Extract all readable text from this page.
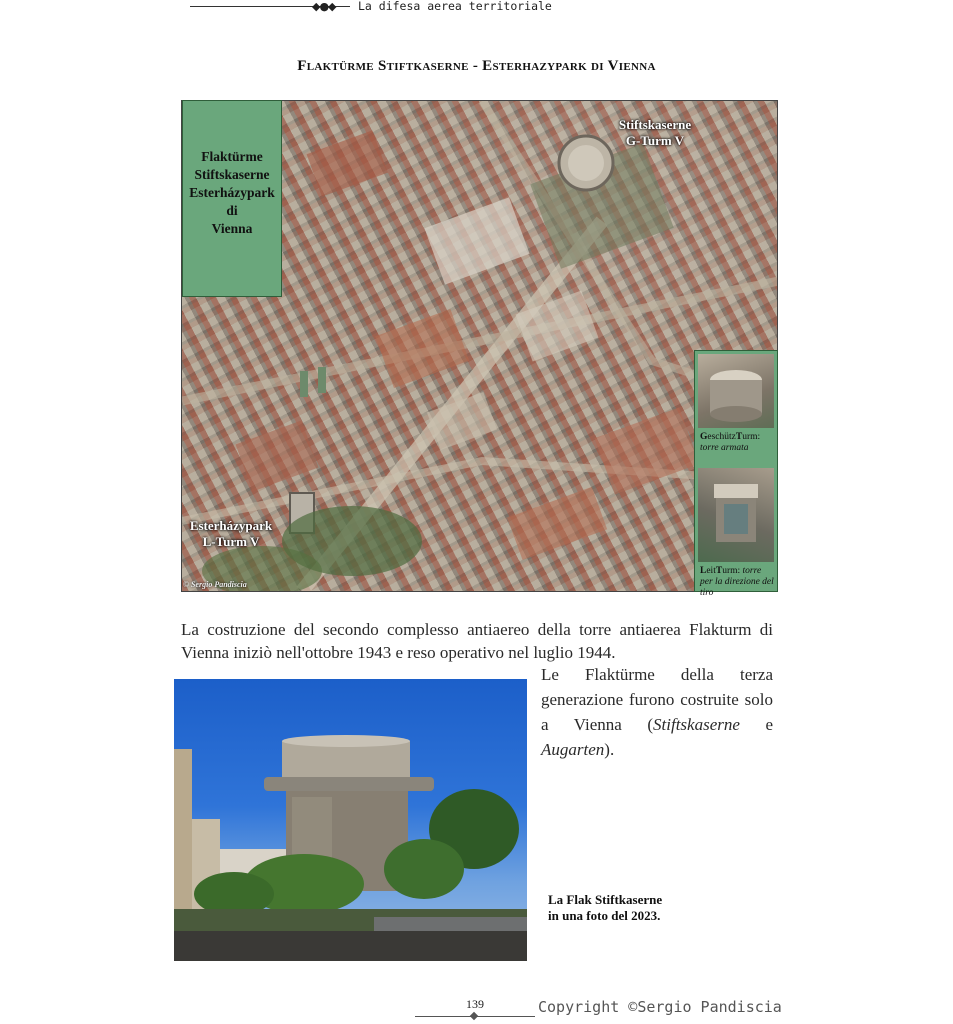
◆●◆ La difesa aerea territoriale
Flaktürme Stiftkaserne - Esterhazypark di Vienna
Flaktürme
Stiftskaserne
Esterházypark
di
Vienna
Stiftskaserne
G-Turm V
Esterházypark
L-Turm V
© Sergio Pandiscia
GeschützTurm: torre armata
LeitTurm: torre per la direzione del tiro
La costruzione del secondo complesso antiaereo della torre antiaerea Flakturm di Vienna iniziò nell'ottobre 1943 e reso operativo nel luglio 1944.
Le Flaktürme della terza generazione furono costruite solo a Vienna (Stiftskaserne e Augarten).
La Flak Stiftkaserne
in una foto del 2023.
139	Copyright ©Sergio Pandiscia
